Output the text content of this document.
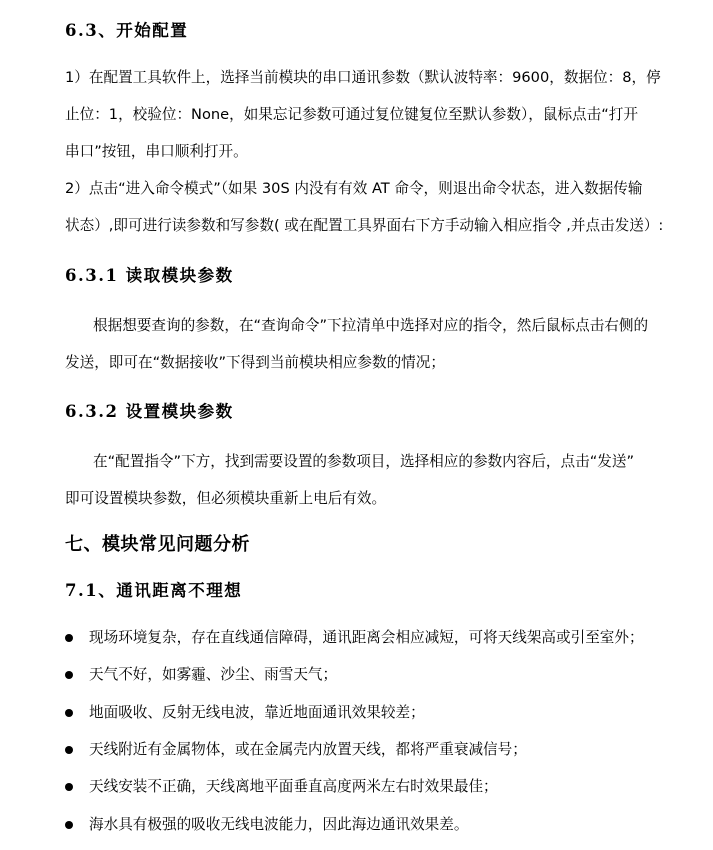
6.3、开始配置
1）在配置工具软件上，选择当前模块的串口通讯参数（默认波特率：9600，数据位：8，停
止位：1，校验位：None，如果忘记参数可通过复位键复位至默认参数），鼠标点击“打开
串口”按钮，串口顺利打开。
2）点击“进入命令模式”（如果 30S 内没有有效 AT 命令，则退出命令状态，进入数据传输
状态）,即可进行读参数和写参数( 或在配置工具界面右下方手动输入相应指令 ,并点击发送）:
6.3.1 读取模块参数
根据想要查询的参数，在“查询命令”下拉清单中选择对应的指令，然后鼠标点击右侧的
发送，即可在“数据接收”下得到当前模块相应参数的情况；
6.3.2 设置模块参数
在“配置指令”下方，找到需要设置的参数项目，选择相应的参数内容后，点击“发送”
即可设置模块参数，但必须模块重新上电后有效。
七、模块常见问题分析
7.1、通讯距离不理想
现场环境复杂，存在直线通信障碍，通讯距离会相应减短，可将天线架高或引至室外；
天气不好，如雾霾、沙尘、雨雪天气；
地面吸收、反射无线电波，靠近地面通讯效果较差；
天线附近有金属物体，或在金属壳内放置天线，都将严重衰减信号；
天线安装不正确，天线离地平面垂直高度两米左右时效果最佳；
海水具有极强的吸收无线电波能力，因此海边通讯效果差。
